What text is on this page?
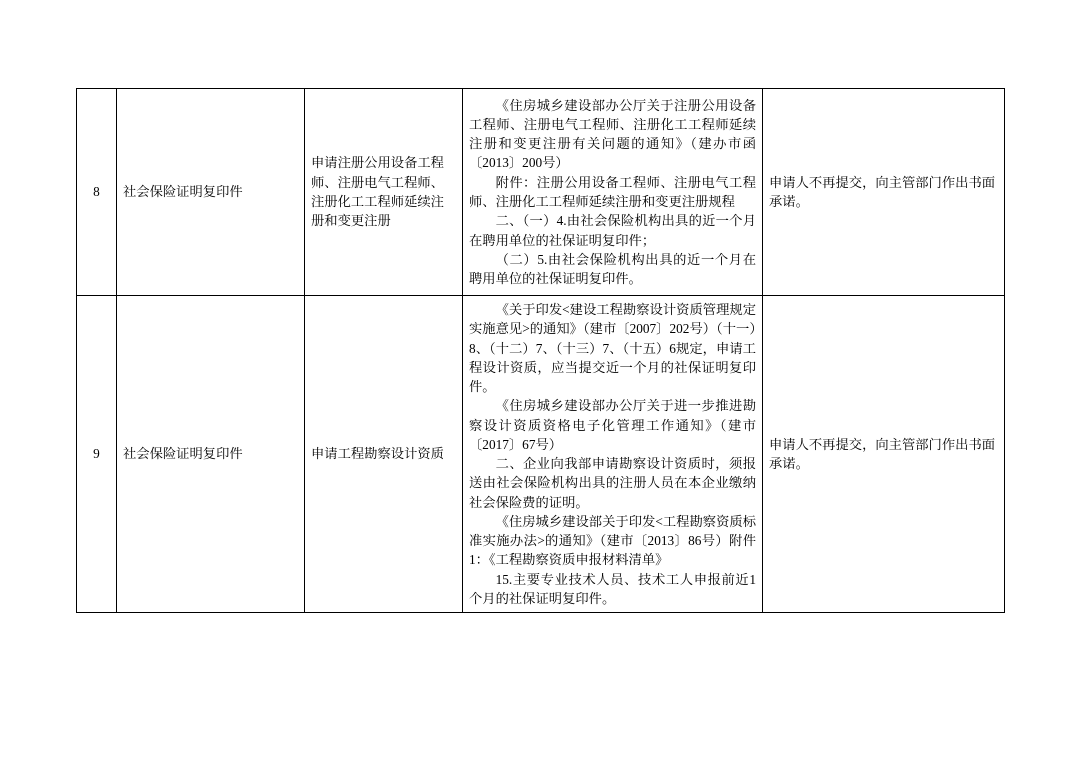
8	社会保险证明复印件	申请注册公用设备工程师、注册电气工程师、注册化工工程师延续注册和变更注册	《住房城乡建设部办公厅关于注册公用设备工程师、注册电气工程师、注册化工工程师延续注册和变更注册有关问题的通知》（建办市函〔2013〕200号）

附件：注册公用设备工程师、注册电气工程师、注册化工工程师延续注册和变更注册规程

二、（一）4.由社会保险机构出具的近一个月在聘用单位的社保证明复印件；

（二）5.由社会保险机构出具的近一个月在聘用单位的社保证明复印件。	申请人不再提交，向主管部门作出书面承诺。
9	社会保险证明复印件	申请工程勘察设计资质	《关于印发<建设工程勘察设计资质管理规定实施意见>的通知》（建市〔2007〕202号）（十一）8、（十二）7、（十三）7、（十五）6规定，申请工程设计资质，应当提交近一个月的社保证明复印件。

《住房城乡建设部办公厅关于进一步推进勘察设计资质资格电子化管理工作通知》（建市〔2017〕67号）

二、企业向我部申请勘察设计资质时，须报送由社会保险机构出具的注册人员在本企业缴纳社会保险费的证明。

《住房城乡建设部关于印发<工程勘察资质标准实施办法>的通知》（建市〔2013〕86号）附件1：《工程勘察资质申报材料清单》

15.主要专业技术人员、技术工人申报前近1个月的社保证明复印件。	申请人不再提交，向主管部门作出书面承诺。
